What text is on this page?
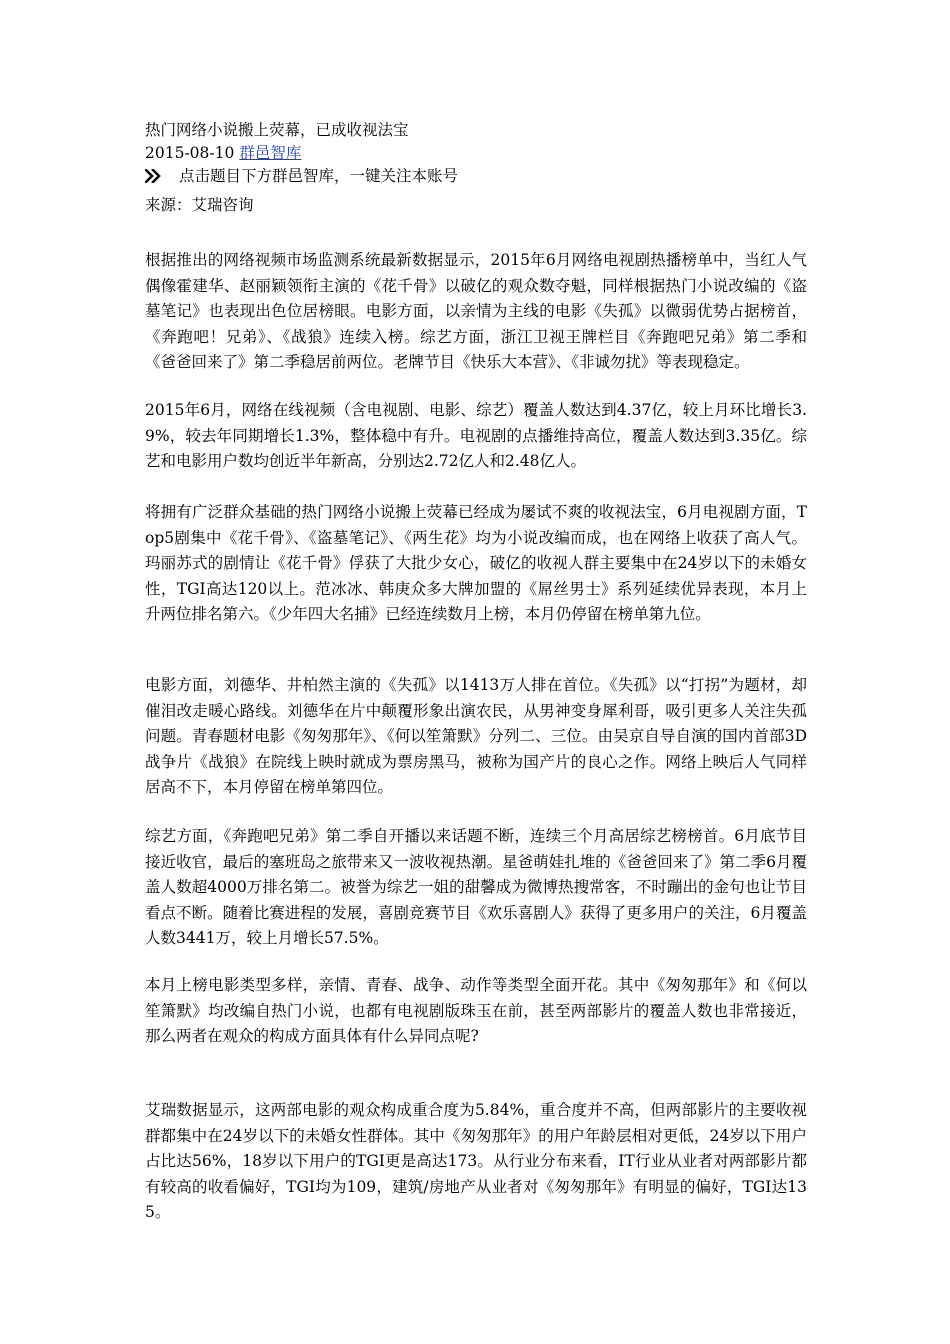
热门网络小说搬上荧幕，已成收视法宝
2015-08-10 群邑智库
点击题目下方群邑智库，一键关注本账号
来源：艾瑞咨询

根据推出的网络视频市场监测系统最新数据显示，2015年6月网络电视剧热播榜单中，当红人气偶像霍建华、赵丽颖领衔主演的《花千骨》以破亿的观众数夺魁，同样根据热门小说改编的《盗墓笔记》也表现出色位居榜眼。电影方面，以亲情为主线的电影《失孤》以微弱优势占据榜首，《奔跑吧！兄弟》、《战狼》连续入榜。综艺方面，浙江卫视王牌栏目《奔跑吧兄弟》第二季和《爸爸回来了》第二季稳居前两位。老牌节目《快乐大本营》、《非诚勿扰》等表现稳定。

2015年6月，网络在线视频（含电视剧、电影、综艺）覆盖人数达到4.37亿，较上月环比增长3.9%，较去年同期增长1.3%，整体稳中有升。电视剧的点播维持高位，覆盖人数达到3.35亿。综艺和电影用户数均创近半年新高，分别达2.72亿人和2.48亿人。

将拥有广泛群众基础的热门网络小说搬上荧幕已经成为屡试不爽的收视法宝，6月电视剧方面，Top5剧集中《花千骨》、《盗墓笔记》、《两生花》均为小说改编而成，也在网络上收获了高人气。玛丽苏式的剧情让《花千骨》俘获了大批少女心，破亿的收视人群主要集中在24岁以下的未婚女性，TGI高达120以上。范冰冰、韩庚众多大牌加盟的《屌丝男士》系列延续优异表现，本月上升两位排名第六。《少年四大名捕》已经连续数月上榜，本月仍停留在榜单第九位。

电影方面，刘德华、井柏然主演的《失孤》以1413万人排在首位。《失孤》以“打拐”为题材，却催泪改走暖心路线。刘德华在片中颠覆形象出演农民，从男神变身犀利哥，吸引更多人关注失孤问题。青春题材电影《匆匆那年》、《何以笙箫默》分列二、三位。由吴京自导自演的国内首部3D战争片《战狼》在院线上映时就成为票房黑马，被称为国产片的良心之作。网络上映后人气同样居高不下，本月停留在榜单第四位。

综艺方面，《奔跑吧兄弟》第二季自开播以来话题不断，连续三个月高居综艺榜榜首。6月底节目接近收官，最后的塞班岛之旅带来又一波收视热潮。星爸萌娃扎堆的《爸爸回来了》第二季6月覆盖人数超4000万排名第二。被誉为综艺一姐的甜馨成为微博热搜常客，不时蹦出的金句也让节目看点不断。随着比赛进程的发展，喜剧竞赛节目《欢乐喜剧人》获得了更多用户的关注，6月覆盖人数3441万，较上月增长57.5%。

本月上榜电影类型多样，亲情、青春、战争、动作等类型全面开花。其中《匆匆那年》和《何以笙箫默》均改编自热门小说，也都有电视剧版珠玉在前，甚至两部影片的覆盖人数也非常接近，那么两者在观众的构成方面具体有什么异同点呢?

艾瑞数据显示，这两部电影的观众构成重合度为5.84%，重合度并不高，但两部影片的主要收视群都集中在24岁以下的未婚女性群体。其中《匆匆那年》的用户年龄层相对更低，24岁以下用户占比达56%，18岁以下用户的TGI更是高达173。从行业分布来看，IT行业从业者对两部影片都有较高的收看偏好，TGI均为109，建筑/房地产从业者对《匆匆那年》有明显的偏好，TGI达135。
